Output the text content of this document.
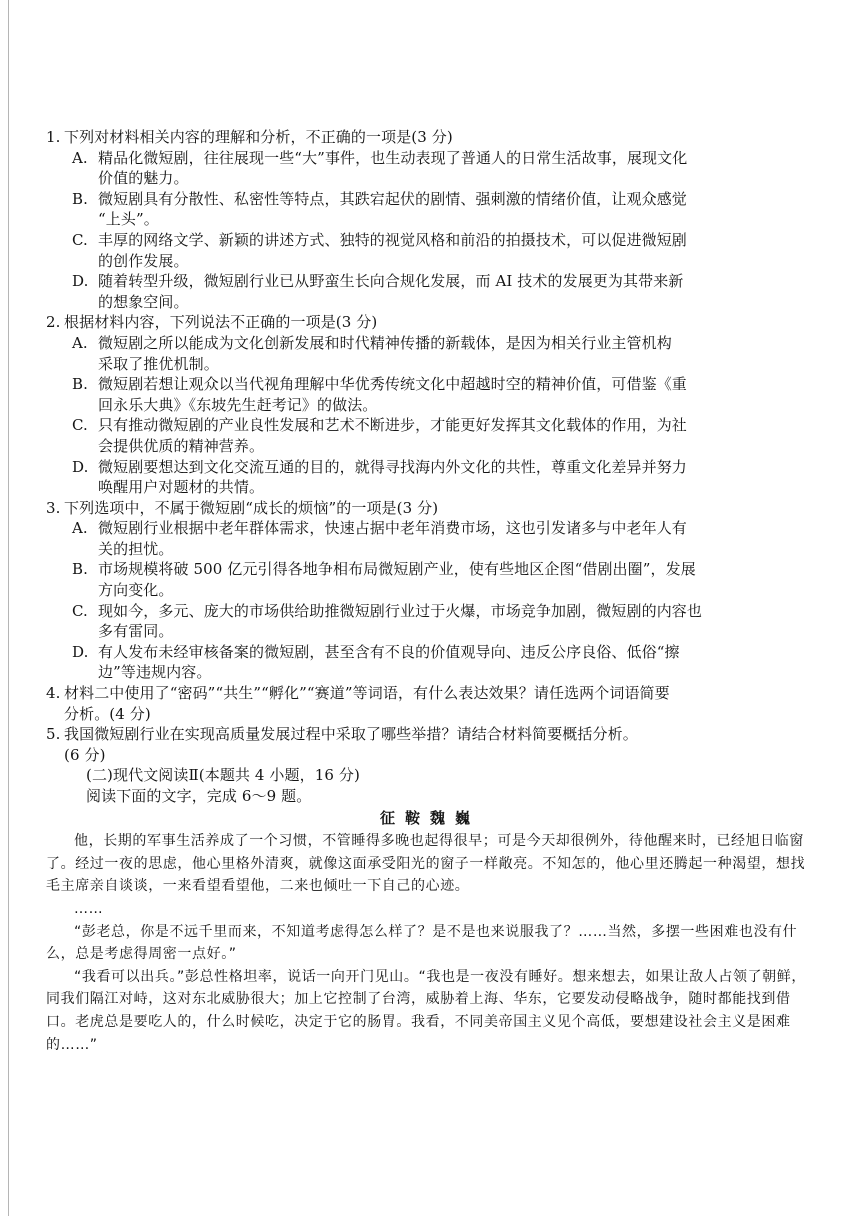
1. 下列对材料相关内容的理解和分析，不正确的一项是(3 分)
A. 精品化微短剧，往往展现一些“大”事件，也生动表现了普通人的日常生活故事，展现文化
价值的魅力。
B. 微短剧具有分散性、私密性等特点，其跌宕起伏的剧情、强刺激的情绪价值，让观众感觉
“上头”。
C. 丰厚的网络文学、新颖的讲述方式、独特的视觉风格和前沿的拍摄技术，可以促进微短剧
的创作发展。
D. 随着转型升级，微短剧行业已从野蛮生长向合规化发展，而 AI 技术的发展更为其带来新
的想象空间。
2. 根据材料内容，下列说法不正确的一项是(3 分)
A. 微短剧之所以能成为文化创新发展和时代精神传播的新载体，是因为相关行业主管机构
采取了推优机制。
B. 微短剧若想让观众以当代视角理解中华优秀传统文化中超越时空的精神价值，可借鉴《重
回永乐大典》《东坡先生赶考记》的做法。
C. 只有推动微短剧的产业良性发展和艺术不断进步，才能更好发挥其文化载体的作用，为社
会提供优质的精神营养。
D. 微短剧要想达到文化交流互通的目的，就得寻找海内外文化的共性，尊重文化差异并努力
唤醒用户对题材的共情。
3. 下列选项中，不属于微短剧“成长的烦恼”的一项是(3 分)
A. 微短剧行业根据中老年群体需求，快速占据中老年消费市场，这也引发诸多与中老年人有
关的担忧。
B. 市场规模将破 500 亿元引得各地争相布局微短剧产业，使有些地区企图“借剧出圈”，发展
方向变化。
C. 现如今，多元、庞大的市场供给助推微短剧行业过于火爆，市场竞争加剧，微短剧的内容也
多有雷同。
D. 有人发布未经审核备案的微短剧，甚至含有不良的价值观导向、违反公序良俗、低俗“擦
边”等违规内容。
4. 材料二中使用了“密码”“共生”“孵化”“赛道”等词语，有什么表达效果？请任选两个词语简要
分析。(4 分)
5. 我国微短剧行业在实现高质量发展过程中采取了哪些举措？请结合材料简要概括分析。
(6 分)
(二)现代文阅读Ⅱ(本题共 4 小题，16 分)
阅读下面的文字，完成 6～9 题。
征鞍魏巍
他，长期的军事生活养成了一个习惯，不管睡得多晚也起得很早；可是今天却很例外，待他醒来时，已经旭日临窗了。经过一夜的思虑，他心里格外清爽，就像这面承受阳光的窗子一样敞亮。不知怎的，他心里还腾起一种渴望，想找毛主席亲自谈谈，一来看望看望他，二来也倾吐一下自己的心迹。
……
“彭老总，你是不远千里而来，不知道考虑得怎么样了？是不是也来说服我了？……当然，多摆一些困难也没有什么，总是考虑得周密一点好。”
“我看可以出兵。”彭总性格坦率，说话一向开门见山。“我也是一夜没有睡好。想来想去，如果让敌人占领了朝鲜，同我们隔江对峙，这对东北威胁很大；加上它控制了台湾，威胁着上海、华东，它要发动侵略战争，随时都能找到借口。老虎总是要吃人的，什么时候吃，决定于它的肠胃。我看，不同美帝国主义见个高低，要想建设社会主义是困难的……”
